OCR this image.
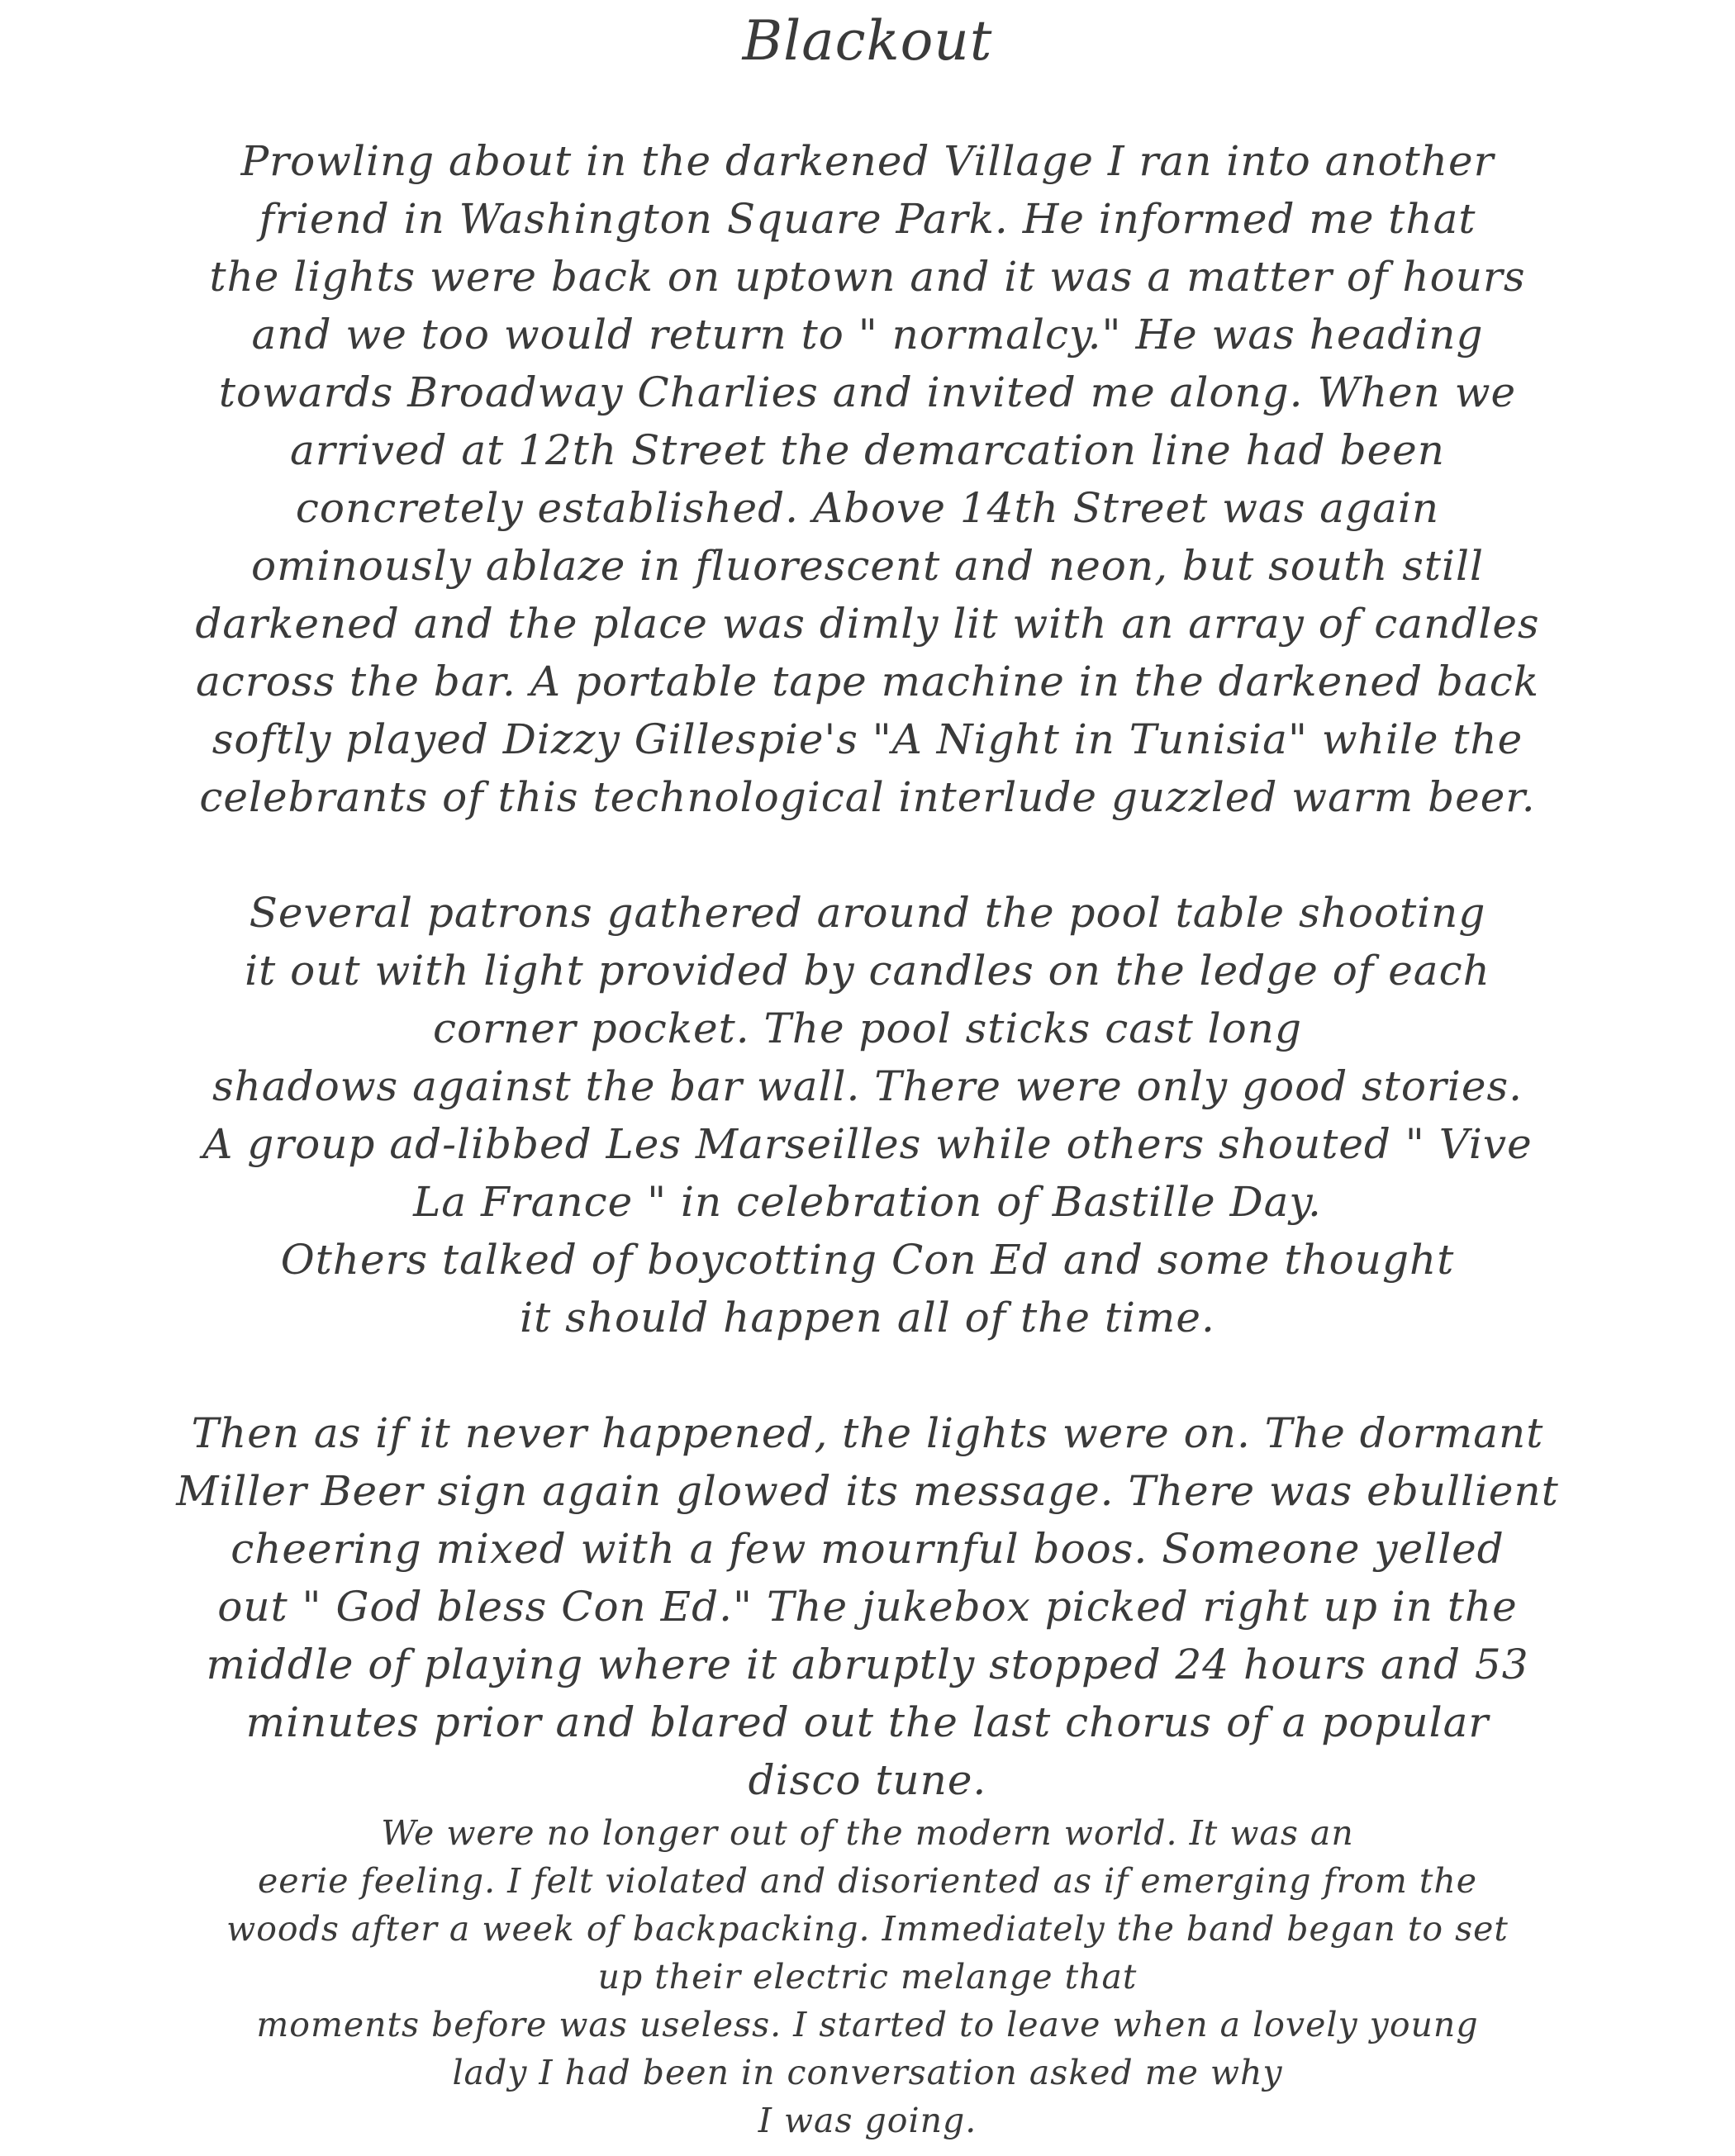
Blackout
Prowling about in the darkened Village I ran into another
friend in Washington Square Park. He informed me that
the lights were back on uptown and it was a matter of hours
and we too would return to " normalcy." He was heading
towards Broadway Charlies and invited me along. When we
arrived at 12th Street the demarcation line had been
concretely established. Above 14th Street was again
ominously ablaze in fluorescent and neon, but south still
darkened and the place was dimly lit with an array of candles
across the bar. A portable tape machine in the darkened back
softly played Dizzy Gillespie's "A Night in Tunisia" while the
celebrants of this technological interlude guzzled warm beer.
Several patrons gathered around the pool table shooting
it out with light provided by candles on the ledge of each
corner pocket. The pool sticks cast long
shadows against the bar wall. There were only good stories.
A group ad-libbed Les Marseilles while others shouted " Vive
La France " in celebration of Bastille Day.
Others talked of boycotting Con Ed and some thought
it should happen all of the time.
Then as if it never happened, the lights were on. The dormant
Miller Beer sign again glowed its message. There was ebullient
cheering mixed with a few mournful boos. Someone yelled
out " God bless Con Ed." The jukebox picked right up in the
middle of playing where it abruptly stopped 24 hours and 53
minutes prior and blared out the last chorus of a popular
disco tune.
We were no longer out of the modern world. It was an
eerie feeling. I felt violated and disoriented as if emerging from the
woods after a week of backpacking. Immediately the band began to set
up their electric melange that
moments before was useless. I started to leave when a lovely young
lady I had been in conversation asked me why
I was going.
